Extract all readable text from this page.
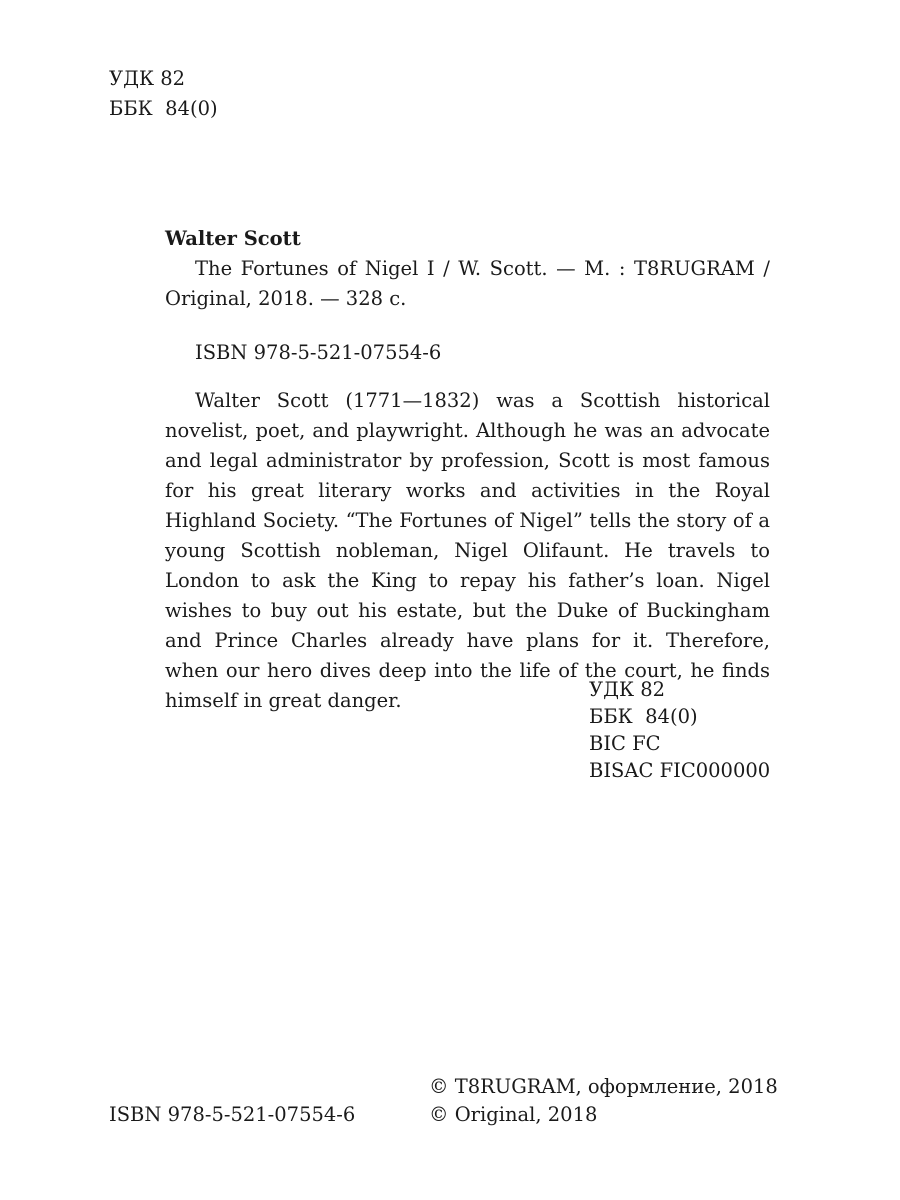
УДК 82
ББК  84(0)
Walter Scott

The Fortunes of Nigel I / W. Scott. — M. : T8RUGRAM / Original, 2018. — 328 с.

ISBN 978-5-521-07554-6

Walter Scott (1771—1832) was a Scottish historical novelist, poet, and playwright. Although he was an advocate and legal administrator by profession, Scott is most famous for his great literary works and activities in the Royal Highland Society. “The Fortunes of Nigel” tells the story of a young Scottish nobleman, Nigel Olifaunt. He travels to London to ask the King to repay his father’s loan. Nigel wishes to buy out his estate, but the Duke of Buckingham and Prince Charles already have plans for it. Therefore, when our hero dives deep into the life of the court, he finds himself in great danger.	УДК 82
ББК  84(0)
BIC FC
BISAC FIC000000
ISBN 978-5-521-07554-6
© T8RUGRAM, оформление, 2018
© Original, 2018
